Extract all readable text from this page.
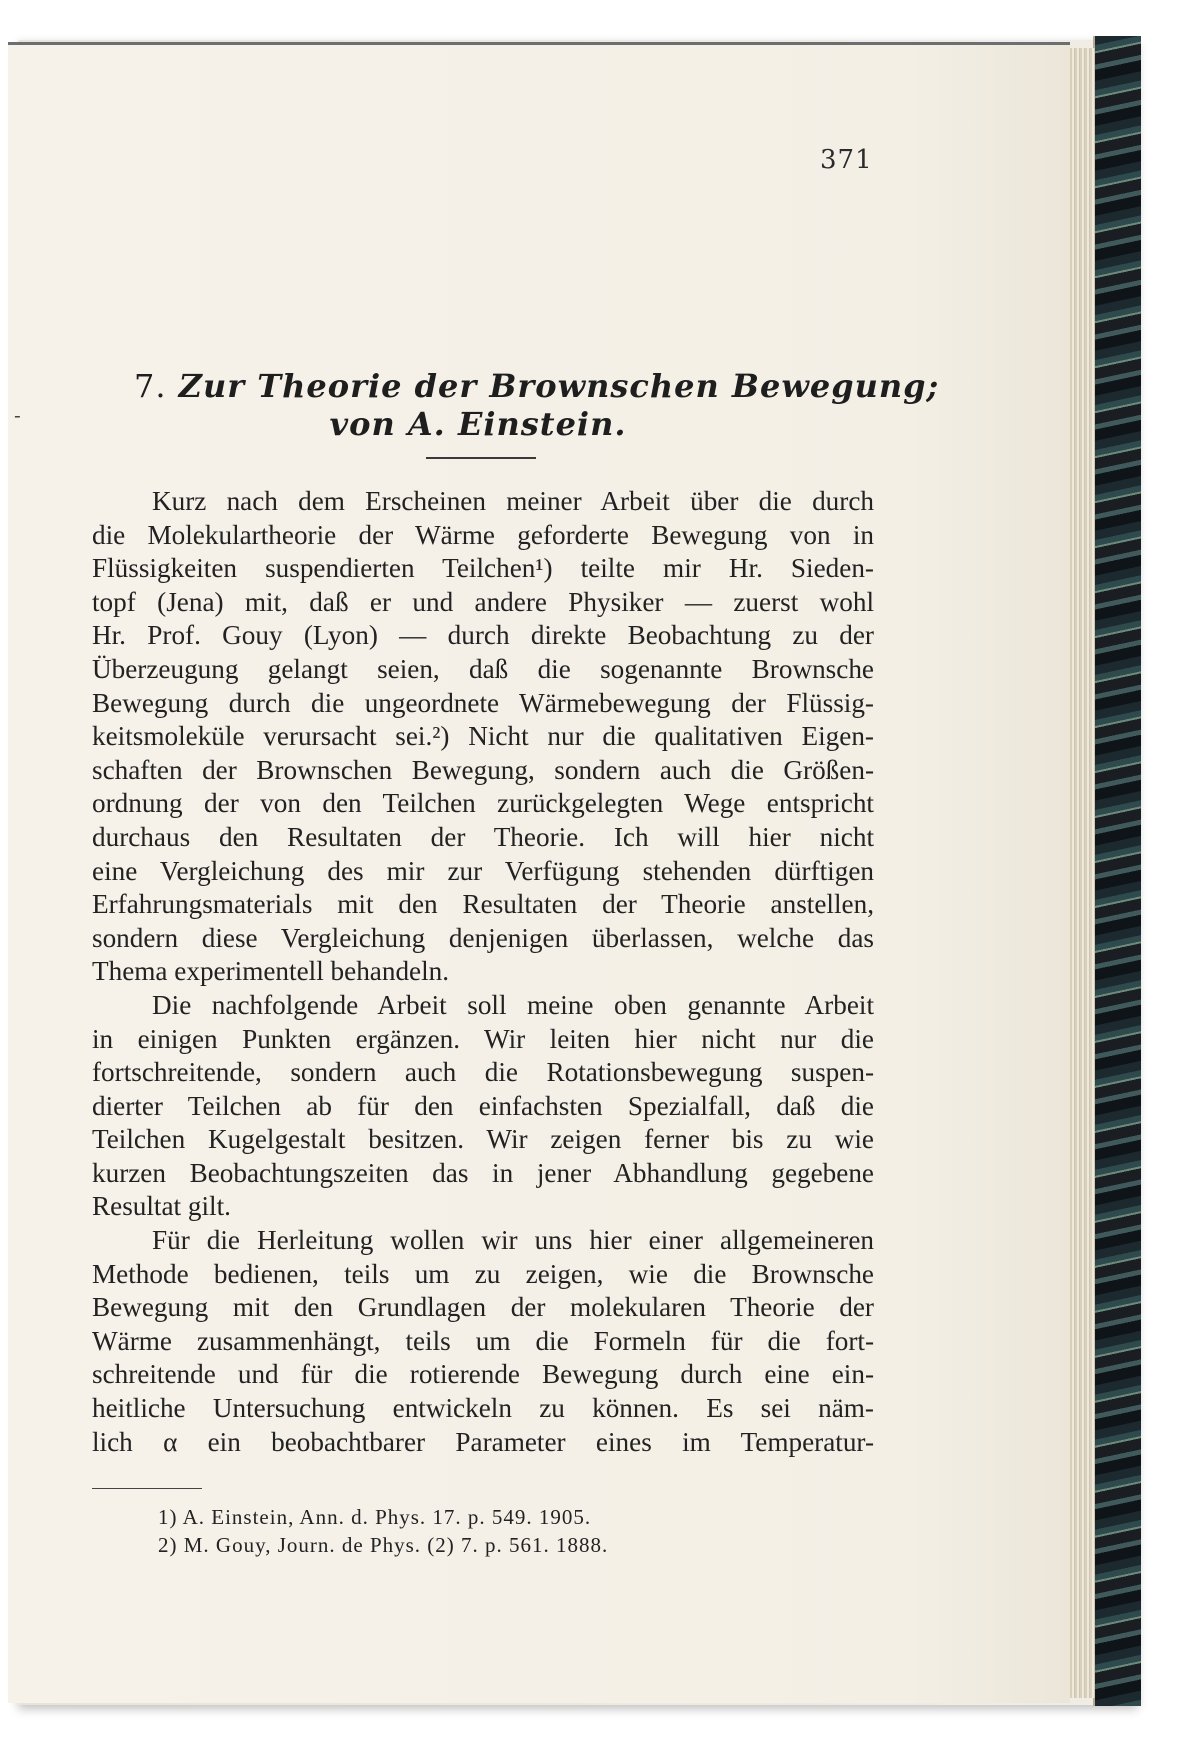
-
371
7. Zur Theorie der Brownschen Bewegung;
von A. Einstein.
Kurz nach dem Erscheinen meiner Arbeit über die durch
die Molekulartheorie der Wärme geforderte Bewegung von in
Flüssigkeiten suspendierten Teilchen¹) teilte mir Hr. Sieden-
topf (Jena) mit, daß er und andere Physiker — zuerst wohl
Hr. Prof. Gouy (Lyon) — durch direkte Beobachtung zu der
Überzeugung gelangt seien, daß die sogenannte Brownsche
Bewegung durch die ungeordnete Wärmebewegung der Flüssig-
keitsmoleküle verursacht sei.²) Nicht nur die qualitativen Eigen-
schaften der Brownschen Bewegung, sondern auch die Größen-
ordnung der von den Teilchen zurückgelegten Wege entspricht
durchaus den Resultaten der Theorie. Ich will hier nicht
eine Vergleichung des mir zur Verfügung stehenden dürftigen
Erfahrungsmaterials mit den Resultaten der Theorie anstellen,
sondern diese Vergleichung denjenigen überlassen, welche das
Thema experimentell behandeln.
Die nachfolgende Arbeit soll meine oben genannte Arbeit
in einigen Punkten ergänzen. Wir leiten hier nicht nur die
fortschreitende, sondern auch die Rotationsbewegung suspen-
dierter Teilchen ab für den einfachsten Spezialfall, daß die
Teilchen Kugelgestalt besitzen. Wir zeigen ferner bis zu wie
kurzen Beobachtungszeiten das in jener Abhandlung gegebene
Resultat gilt.
Für die Herleitung wollen wir uns hier einer allgemeineren
Methode bedienen, teils um zu zeigen, wie die Brownsche
Bewegung mit den Grundlagen der molekularen Theorie der
Wärme zusammenhängt, teils um die Formeln für die fort-
schreitende und für die rotierende Bewegung durch eine ein-
heitliche Untersuchung entwickeln zu können. Es sei näm-
lich α ein beobachtbarer Parameter eines im Temperatur-
1) A. Einstein, Ann. d. Phys. 17. p. 549. 1905.
2) M. Gouy, Journ. de Phys. (2) 7. p. 561. 1888.
